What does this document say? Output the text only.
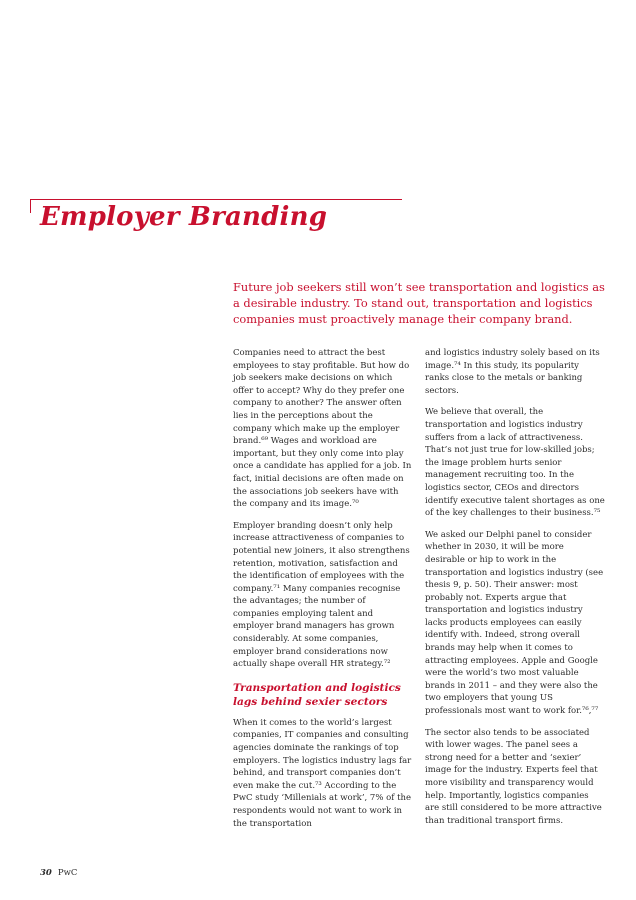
Employer Branding

Future job seekers still won’t see transportation and logistics as a desirable industry. To stand out, transportation and logistics companies must proactively manage their company brand.

Companies need to attract the best employees to stay profitable. But how do job seekers make decisions on which offer to accept? Why do they prefer one company to another? The answer often lies in the perceptions about the company which make up the employer brand.⁶⁹ Wages and workload are important, but they only come into play once a candidate has applied for a job. In fact, initial decisions are often made on the associations job seekers have with the company and its image.⁷⁰

Employer branding doesn’t only help increase attractiveness of companies to potential new joiners, it also strengthens retention, motivation, satisfaction and the identification of employees with the company.⁷¹ Many companies recognise the advantages; the number of companies employing talent and employer brand managers has grown considerably. At some companies, employer brand considerations now actually shape overall HR strategy.⁷²

Transportation and logistics lags behind sexier sectors

When it comes to the world’s largest companies, IT companies and consulting agencies dominate the rankings of top employers. The logistics industry lags far behind, and transport companies don’t even make the cut.⁷³ According to the PwC study ‘Millenials at work’, 7% of the respondents would not want to work in the transportation

and logistics industry solely based on its image.⁷⁴ In this study, its popularity ranks close to the metals or banking sectors.

We believe that overall, the transportation and logistics industry suffers from a lack of attractiveness. That’s not just true for low-skilled jobs; the image problem hurts senior management recruiting too. In the logistics sector, CEOs and directors identify executive talent shortages as one of the key challenges to their business.⁷⁵

We asked our Delphi panel to consider whether in 2030, it will be more desirable or hip to work in the transportation and logistics industry (see thesis 9, p. 50). Their answer: most probably not. Experts argue that transportation and logistics industry lacks products employees can easily identify with. Indeed, strong overall brands may help when it comes to attracting employees. Apple and Google were the world’s two most valuable brands in 2011 – and they were also the two employers that young US professionals most want to work for.⁷⁶,⁷⁷

The sector also tends to be associated with lower wages. The panel sees a strong need for a better and ‘sexier’ image for the industry. Experts feel that more visibility and transparency would help. Importantly, logistics companies are still considered to be more attractive than traditional transport firms.

30 PwC
